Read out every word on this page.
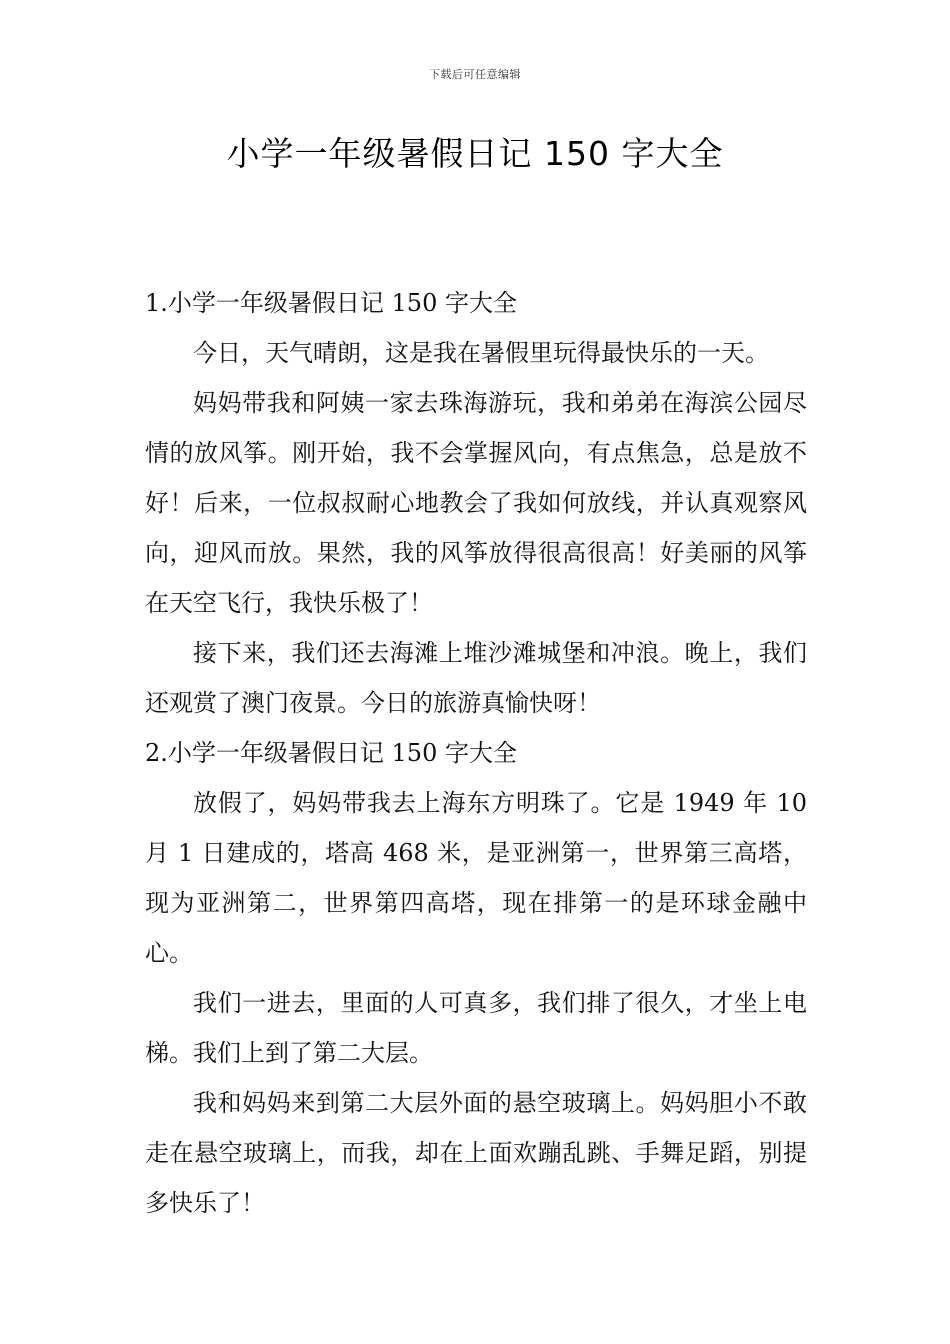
下载后可任意编辑
小学一年级暑假日记 150 字大全

1.小学一年级暑假日记 150 字大全

今日，天气晴朗，这是我在暑假里玩得最快乐的一天。

妈妈带我和阿姨一家去珠海游玩，我和弟弟在海滨公园尽情的放风筝。刚开始，我不会掌握风向，有点焦急，总是放不好！后来，一位叔叔耐心地教会了我如何放线，并认真观察风向，迎风而放。果然，我的风筝放得很高很高！好美丽的风筝在天空飞行，我快乐极了！

接下来，我们还去海滩上堆沙滩城堡和冲浪。晚上，我们还观赏了澳门夜景。今日的旅游真愉快呀！

2.小学一年级暑假日记 150 字大全

放假了，妈妈带我去上海东方明珠了。它是 1949 年 10 月 1 日建成的，塔高 468 米，是亚洲第一，世界第三高塔，现为亚洲第二，世界第四高塔，现在排第一的是环球金融中心。

我们一进去，里面的人可真多，我们排了很久，才坐上电梯。我们上到了第二大层。

我和妈妈来到第二大层外面的悬空玻璃上。妈妈胆小不敢走在悬空玻璃上，而我，却在上面欢蹦乱跳、手舞足蹈，别提多快乐了！
